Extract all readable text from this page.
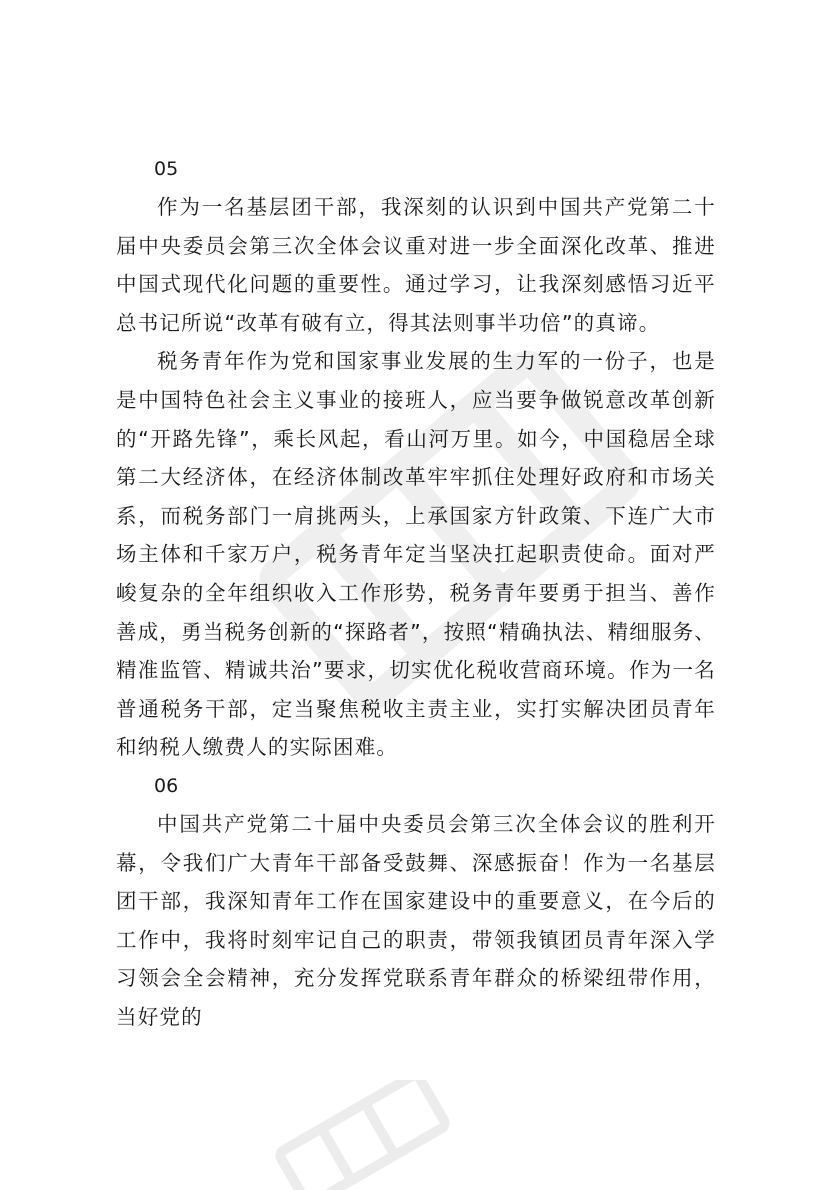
05

作为一名基层团干部，我深刻的认识到中国共产党第二十届中央委员会第三次全体会议重对进一步全面深化改革、推进中国式现代化问题的重要性。通过学习，让我深刻感悟习近平总书记所说“改革有破有立，得其法则事半功倍”的真谛。

税务青年作为党和国家事业发展的生力军的一份子，也是是中国特色社会主义事业的接班人，应当要争做锐意改革创新的“开路先锋”，乘长风起，看山河万里。如今，中国稳居全球第二大经济体，在经济体制改革牢牢抓住处理好政府和市场关系，而税务部门一肩挑两头，上承国家方针政策、下连广大市场主体和千家万户，税务青年定当坚决扛起职责使命。面对严峻复杂的全年组织收入工作形势，税务青年要勇于担当、善作善成，勇当税务创新的“探路者”，按照“精确执法、精细服务、精准监管、精诚共治”要求，切实优化税收营商环境。作为一名普通税务干部，定当聚焦税收主责主业，实打实解决团员青年和纳税人缴费人的实际困难。

06

中国共产党第二十届中央委员会第三次全体会议的胜利开幕，令我们广大青年干部备受鼓舞、深感振奋！作为一名基层团干部，我深知青年工作在国家建设中的重要意义，在今后的工作中，我将时刻牢记自己的职责，带领我镇团员青年深入学习领会全会精神，充分发挥党联系青年群众的桥梁纽带作用，当好党的
